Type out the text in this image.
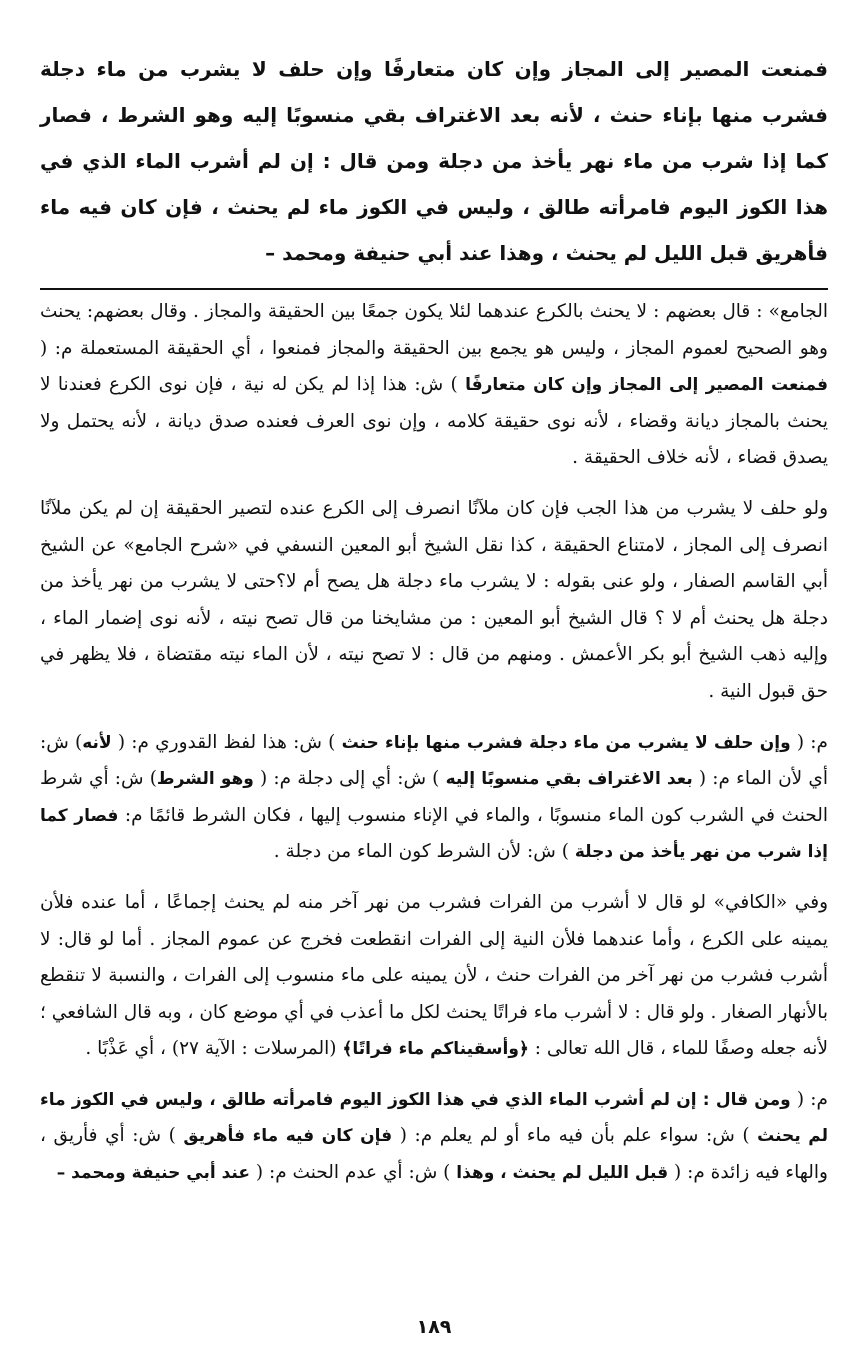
فمنعت المصير إلى المجاز وإن كان متعارفًا وإن حلف لا يشرب من ماء دجلة فشرب منها بإناء حنث ، لأنه بعد الاغتراف بقي منسوبًا إليه وهو الشرط ، فصار كما إذا شرب من ماء نهر يأخذ من دجلة ومن قال : إن لم أشرب الماء الذي في هذا الكوز اليوم فامرأته طالق ، وليس في الكوز ماء لم يحنث ، فإن كان فيه ماء فأهريق قبل الليل لم يحنث ، وهذا عند أبي حنيفة ومحمد –

الجامع» : قال بعضهم : لا يحنث بالكرع عندهما لئلا يكون جمعًا بين الحقيقة والمجاز . وقال بعضهم: يحنث وهو الصحيح لعموم المجاز ، وليس هو يجمع بين الحقيقة والمجاز فمنعوا ، أي الحقيقة المستعملة م: ( فمنعت المصير إلى المجاز وإن كان متعارفًا ) ش: هذا إذا لم يكن له نية ، فإن نوى الكرع فعندنا لا يحنث بالمجاز ديانة وقضاء ، لأنه نوى حقيقة كلامه ، وإن نوى العرف فعنده صدق ديانة ، لأنه يحتمل ولا يصدق قضاء ، لأنه خلاف الحقيقة .

ولو حلف لا يشرب من هذا الجب فإن كان ملآنًا انصرف إلى الكرع عنده لتصير الحقيقة إن لم يكن ملآنًا انصرف إلى المجاز ، لامتناع الحقيقة ، كذا نقل الشيخ أبو المعين النسفي في «شرح الجامع» عن الشيخ أبي القاسم الصفار ، ولو عنى بقوله : لا يشرب ماء دجلة هل يصح أم لا؟حتى لا يشرب من نهر يأخذ من دجلة هل يحنث أم لا ؟ قال الشيخ أبو المعين : من مشايخنا من قال تصح نيته ، لأنه نوى إضمار الماء ، وإليه ذهب الشيخ أبو بكر الأعمش . ومنهم من قال : لا تصح نيته ، لأن الماء نيته مقتضاة ، فلا يظهر في حق قبول النية .

م: ( وإن حلف لا يشرب من ماء دجلة فشرب منها بإناء حنث ) ش: هذا لفظ القدوري م: ( لأنه) ش: أي لأن الماء م: ( بعد الاغتراف بقي منسوبًا إليه ) ش: أي إلى دجلة م: ( وهو الشرط) ش: أي شرط الحنث في الشرب كون الماء منسوبًا ، والماء في الإناء منسوب إليها ، فكان الشرط قائمًا م: فصار كما إذا شرب من نهر يأخذ من دجلة ) ش: لأن الشرط كون الماء من دجلة .

وفي «الكافي» لو قال لا أشرب من الفرات فشرب من نهر آخر منه لم يحنث إجماعًا ، أما عنده فلأن يمينه على الكرع ، وأما عندهما فلأن النية إلى الفرات انقطعت فخرج عن عموم المجاز . أما لو قال: لا أشرب فشرب من نهر آخر من الفرات حنث ، لأن يمينه على ماء منسوب إلى الفرات ، والنسبة لا تنقطع بالأنهار الصغار . ولو قال : لا أشرب ماء فراتًا يحنث لكل ما أعذب في أي موضع كان ، وبه قال الشافعي ؛ لأنه جعله وصفًا للماء ، قال الله تعالى : ﴿وأسقيناكم ماء فراتًا﴾ (المرسلات : الآية ٢٧) ، أي عَذْبًا .

م: ( ومن قال : إن لم أشرب الماء الذي في هذا الكوز اليوم فامرأته طالق ، وليس في الكوز ماء لم يحنث ) ش: سواء علم بأن فيه ماء أو لم يعلم م: ( فإن كان فيه ماء فأهريق ) ش: أي فأريق ، والهاء فيه زائدة م: ( قبل الليل لم يحنث ، وهذا ) ش: أي عدم الحنث م: ( عند أبي حنيفة ومحمد –

١٨٩
